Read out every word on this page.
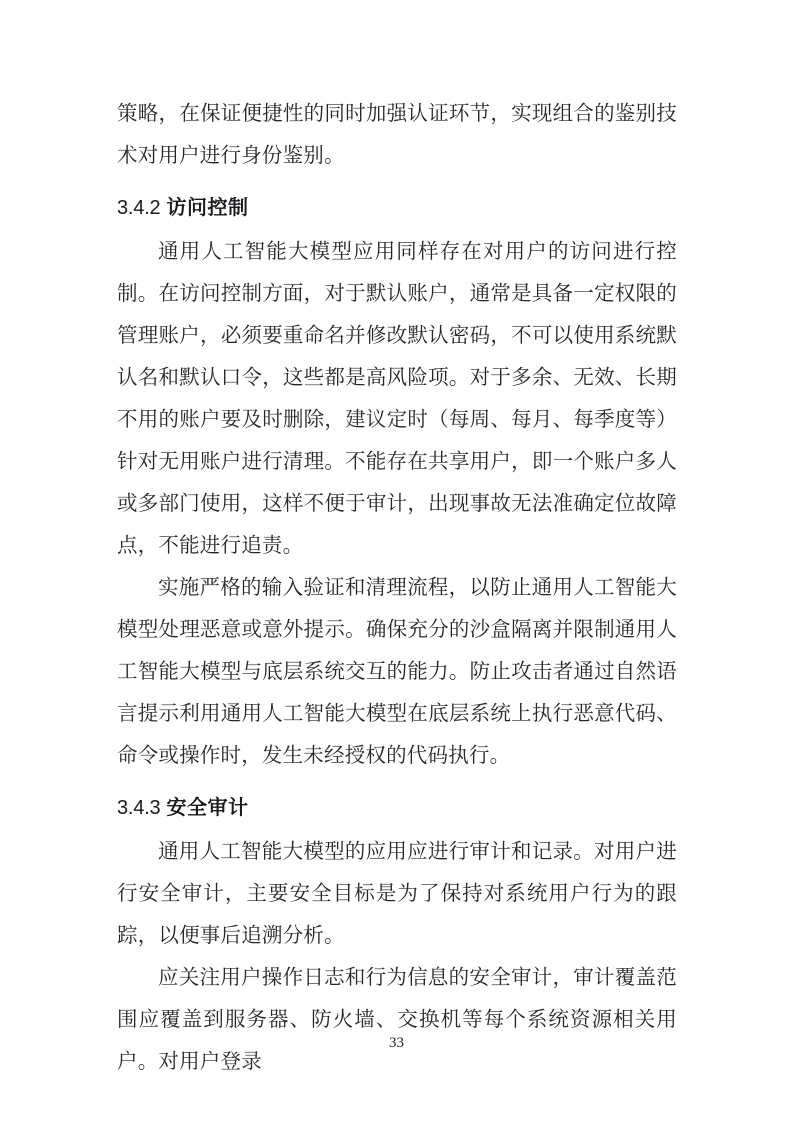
策略，在保证便捷性的同时加强认证环节，实现组合的鉴别技术对用户进行身份鉴别。

3.4.2 访问控制

通用人工智能大模型应用同样存在对用户的访问进行控制。在访问控制方面，对于默认账户，通常是具备一定权限的管理账户，必须要重命名并修改默认密码，不可以使用系统默认名和默认口令，这些都是高风险项。对于多余、无效、长期不用的账户要及时删除，建议定时（每周、每月、每季度等）针对无用账户进行清理。不能存在共享用户，即一个账户多人或多部门使用，这样不便于审计，出现事故无法准确定位故障点，不能进行追责。

实施严格的输入验证和清理流程，以防止通用人工智能大模型处理恶意或意外提示。确保充分的沙盒隔离并限制通用人工智能大模型与底层系统交互的能力。防止攻击者通过自然语言提示利用通用人工智能大模型在底层系统上执行恶意代码、命令或操作时，发生未经授权的代码执行。

3.4.3 安全审计

通用人工智能大模型的应用应进行审计和记录。对用户进行安全审计，主要安全目标是为了保持对系统用户行为的跟踪，以便事后追溯分析。

应关注用户操作日志和行为信息的安全审计，审计覆盖范围应覆盖到服务器、防火墙、交换机等每个系统资源相关用户。对用户登录

33
